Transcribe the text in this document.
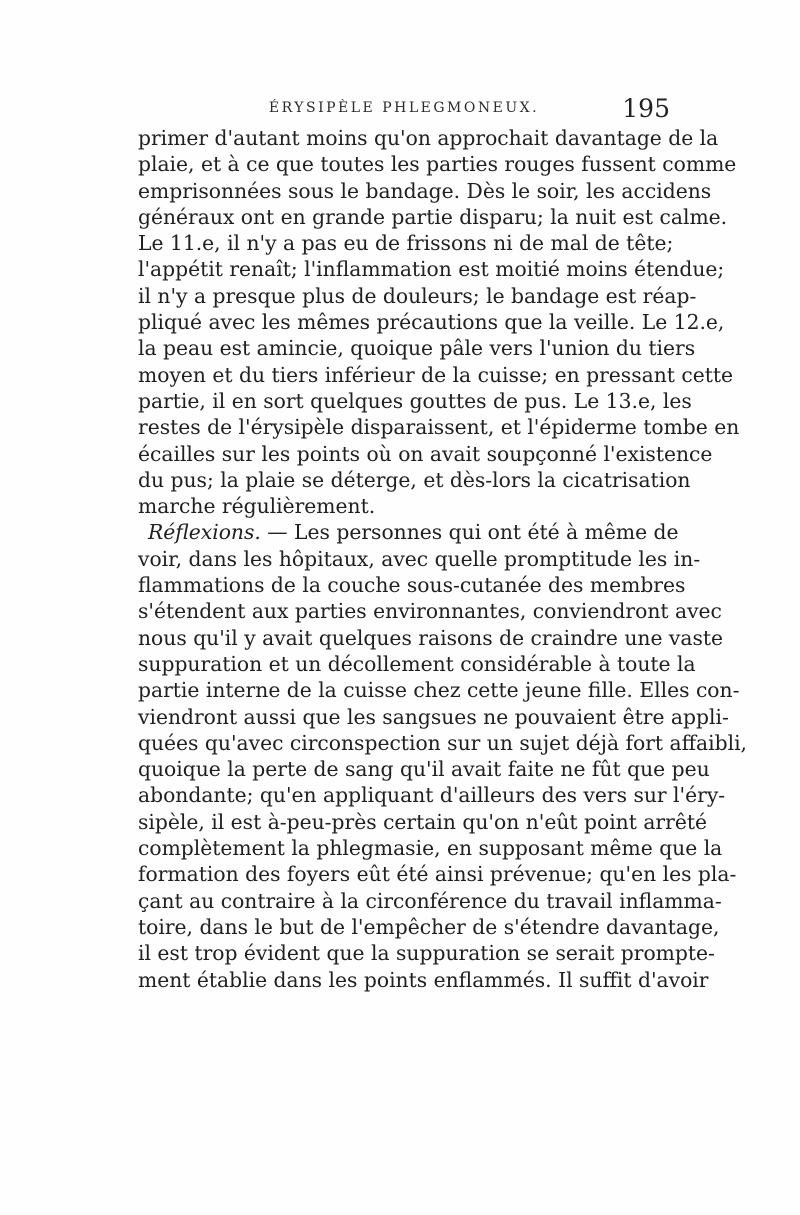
ÉRYSIPÈLE PHLEGMONEUX.	195
primer d'autant moins qu'on approchait davantage de la
plaie, et à ce que toutes les parties rouges fussent comme
emprisonnées sous le bandage. Dès le soir, les accidens
généraux ont en grande partie disparu; la nuit est calme.
Le 11.e, il n'y a pas eu de frissons ni de mal de tête;
l'appétit renaît; l'inflammation est moitié moins étendue;
il n'y a presque plus de douleurs; le bandage est réap-
pliqué avec les mêmes précautions que la veille. Le 12.e,
la peau est amincie, quoique pâle vers l'union du tiers
moyen et du tiers inférieur de la cuisse; en pressant cette
partie, il en sort quelques gouttes de pus. Le 13.e, les
restes de l'érysipèle disparaissent, et l'épiderme tombe en
écailles sur les points où on avait soupçonné l'existence
du pus; la plaie se déterge, et dès-lors la cicatrisation
marche régulièrement.
Réflexions. — Les personnes qui ont été à même de
voir, dans les hôpitaux, avec quelle promptitude les in-
flammations de la couche sous-cutanée des membres
s'étendent aux parties environnantes, conviendront avec
nous qu'il y avait quelques raisons de craindre une vaste
suppuration et un décollement considérable à toute la
partie interne de la cuisse chez cette jeune fille. Elles con-
viendront aussi que les sangsues ne pouvaient être appli-
quées qu'avec circonspection sur un sujet déjà fort affaibli,
quoique la perte de sang qu'il avait faite ne fût que peu
abondante; qu'en appliquant d'ailleurs des vers sur l'éry-
sipèle, il est à-peu-près certain qu'on n'eût point arrêté
complètement la phlegmasie, en supposant même que la
formation des foyers eût été ainsi prévenue; qu'en les pla-
çant au contraire à la circonférence du travail inflamma-
toire, dans le but de l'empêcher de s'étendre davantage,
il est trop évident que la suppuration se serait prompte-
ment établie dans les points enflammés. Il suffit d'avoir
